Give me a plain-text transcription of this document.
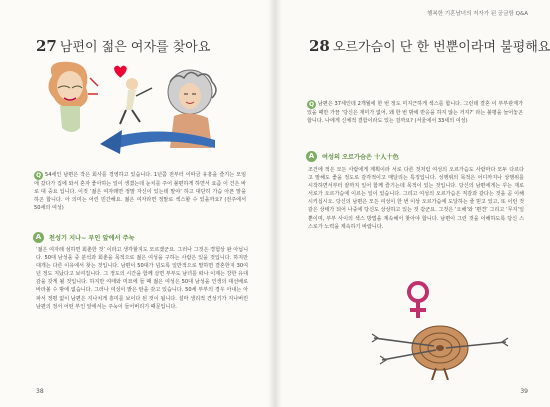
27 남편이 젊은 여자를 찾아요
Q 54세인 남편은 작은 회사를 경영하고 있습니다. 1년쯤 전부터 이따금 유흥을 즐기는 모임에 갔다가 집에 와서 혼자 좋아하는 일이 생겼는데 눈치를 주어 불편하게 하면서 요즘 이 건은 바로 대 중요 입니다. 이것 ‘젊은 여자래면 정말 자신이 있는데 말야’ 하고 대단히 가슴 아픈 말을 하곤 합니다. 아 의미는 어린 민간해요. 젊은 여자라면 정말로 섹스할 수 있을까요? (전주에서 50세의 여성)
A	천성기 지나~ 부인 앞에서 주눅
‘젊은 여자래 섬하면 회춘한 것’ 이라고 생각할지도 모르겠군요. 그러나 그것은 경험상 완 아닙니다. 50대 남성을 중 분석과 회춘을 목적으로 젊은 여성을 구하는 사람은 있을 것입니다. 하지만 대개는 다른 이유에서 찾는 것입니다. 남편이 50대가 넘도록 일반적으로 말하면 결혼한지 30여 년 정도 지났다고 보여집니다. 그 정도의 시간을 함께 살면 부부도 남녀를 떠나 이제는 강한 유대감을 갖게 될 것입니다. 하지만 여태와 미묘에 들 때 젊은 여성은 50대 남성을 인생의 대선배로 바라볼 수 밖에 없습니다. 그러나 여성이 밝은 탄을 갖고 있습니다. 50세 부부의 경우 아내는 아파서 정평 없이 남편은 지나치게 흥미를 보이다 된 것이 됩니다. 설마 생리적 견성기가 지나버린 남편의 정서 어떤 부인 앞에서는 주눅이 들어버리기 때문입니다.
38
행복한 기혼남녀의 저자가 된 궁금함 Q&A
28 오르가슴이 단 한 번뿐이라며 불평해요
Q 남편은 37세인데 2개월에 한 번 정도 미지근하게 섹스를 합니다. 그런데 결혼 이 부부관계가 있을 때만 가끔 ‘당신은 재미가 없어, 왜 한 번 밖에 반응을 하지 않는 거지?’ 라는 불평을 늘어놓곤 합니다. 나에게 신체적 결함이라도 있는 걸까요? (서울에서 33세의 여성)
A	여성의 오르가슴은 十人十色
조건에 적은 모든 사람에게 계획이라 서로 다른 것처럼 여성의 오르가슴도 사람마다 모두 다르다고 말해도 좋을 정도로 감각적이고 매달리는 특징입니다. 성행위의 목적은 어디까지나 상행위를 시작하면서부터 끝까지 일어 함께 즐기는데 목적이 있는 것입니다. 당신의 남편에게는 꾸는 재로 서로가 오르가슴에 이르는 일이 있습니다. 그리고 여성의 오르가슴은 직감과 같다는 것을 곧 이해시키십시오. 당신의 남편은 모든 여성이 한 번 이상 오르가슴에 도달하는 줄 믿고 있고, 또 이런 것 같은 상태가 되어 나중에 당신도 상상하고 있는 것 같군요. 그것은 ‘오해’와 ‘편견’ 그리고 ‘무지’일 뿐이며, 부부 사이의 섹스 방법을 계속해서 찾아야 합니다. 남편이 그런 것을 이해하도록 당신 스스로가 노력을 계속하기 바랍니다.
39
